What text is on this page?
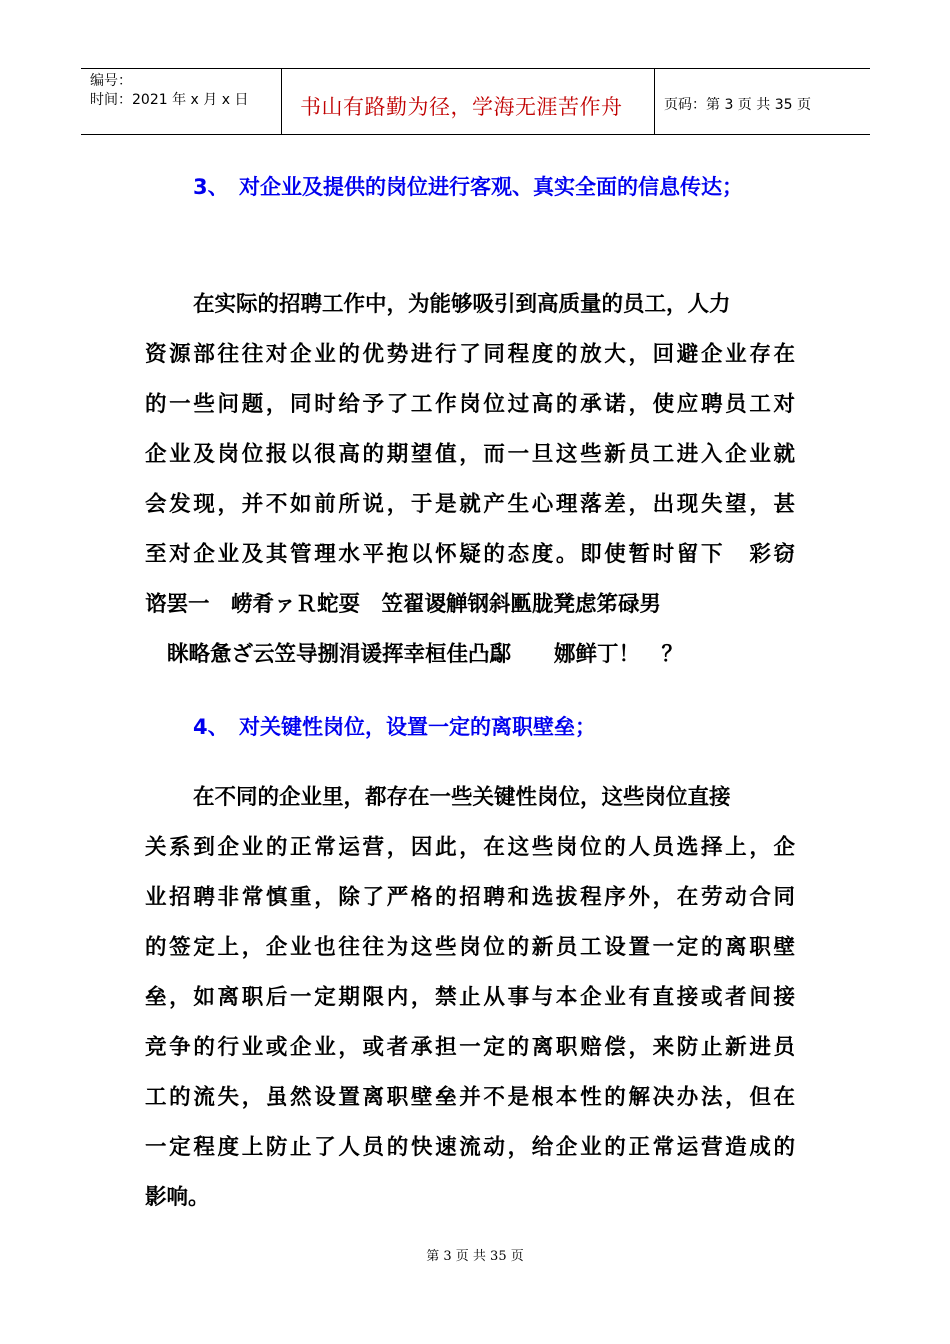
编号：
时间：2021 年 x 月 x 日 书山有路勤为径，学海无涯苦作舟	页码：第 3 页 共 35 页
3、 对企业及提供的岗位进行客观、真实全面的信息传达；
在实际的招聘工作中，为能够吸引到高质量的员工，人力
资源部往往对企业的优势进行了同程度的放大，回避企业存在
的一些问题，同时给予了工作岗位过高的承诺，使应聘员工对
企业及岗位报以很高的期望值，而一旦这些新员工进入企业就
会发现，并不如前所说，于是就产生心理落差，出现失望，甚
至对企业及其管理水平抱以怀疑的态度。即使暂时留下　彩窃
谘罢一　崂肴ァＲ蛇耍　笠翟谡觯钢斜匭胧凳虑笫碌男
眯略惫ざ云笠导捌涓谖挥幸桓佳凸鄬　　娜鲜丁！　？
4、 对关键性岗位，设置一定的离职壁垒；
在不同的企业里，都存在一些关键性岗位，这些岗位直接
关系到企业的正常运营，因此，在这些岗位的人员选择上，企
业招聘非常慎重，除了严格的招聘和选拔程序外，在劳动合同
的签定上，企业也往往为这些岗位的新员工设置一定的离职壁
垒，如离职后一定期限内，禁止从事与本企业有直接或者间接
竞争的行业或企业，或者承担一定的离职赔偿，来防止新进员
工的流失，虽然设置离职壁垒并不是根本性的解决办法，但在
一定程度上防止了人员的快速流动，给企业的正常运营造成的
影响。
第 3 页 共 35 页
